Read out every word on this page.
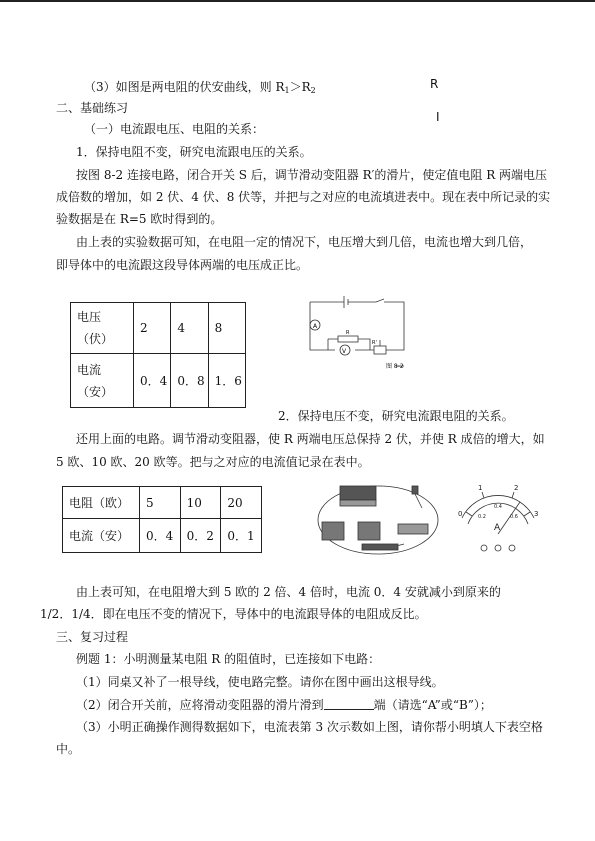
（3）如图是两电阻的伏安曲线，则 $R_1>R_2$	R
I
二、基础练习
（一）电流跟电压、电阻的关系：
1．保持电阻不变，研究电流跟电压的关系。
按图 8-2 连接电路，闭合开关 S 后，调节滑动变阻器 R′的滑片，使定值电阻 R 两端电压
成倍数的增加，如 2 伏、4 伏、8 伏等，并把与之对应的电流填进表中。现在表中所记录的实
验数据是在 R=5 欧时得到的。
由上表的实验数据可知，在电阻一定的情况下，电压增大到几倍，电流也增大到几倍，
即导体中的电流跟这段导体两端的电压成正比。
电压
（伏）	2	4	8
电流
（安）	0．4	0．8	1．6
A
V
R
R'
图 8-2
2．保持电压不变，研究电流跟电阻的关系。
还用上面的电路。调节滑动变阻器，使 R 两端电压总保持 2 伏，并使 R 成倍的增大，如
5 欧、10 欧、20 欧等。把与之对应的电流值记录在表中。
电阻（欧）	5	10	20
电流（安）	0．4	0．2	0．1
0
1	2
3
0.2
0.4
0.6
A
由上表可知，在电阻增大到 5 欧的 2 倍、4 倍时，电流 0．4 安就减小到原来的
1/2．1/4．即在电压不变的情况下，导体中的电流跟导体的电阻成反比。
三、复习过程
例题 1：小明测量某电阻 R 的阻值时，已连接如下电路：
（1）同桌又补了一根导线，使电路完整。请你在图中画出这根导线。
（2）闭合开关前，应将滑动变阻器的滑片滑到	端（请选“A”或“B”）；
（3）小明正确操作测得数据如下，电流表第 3 次示数如上图，请你帮小明填人下表空格
中。
